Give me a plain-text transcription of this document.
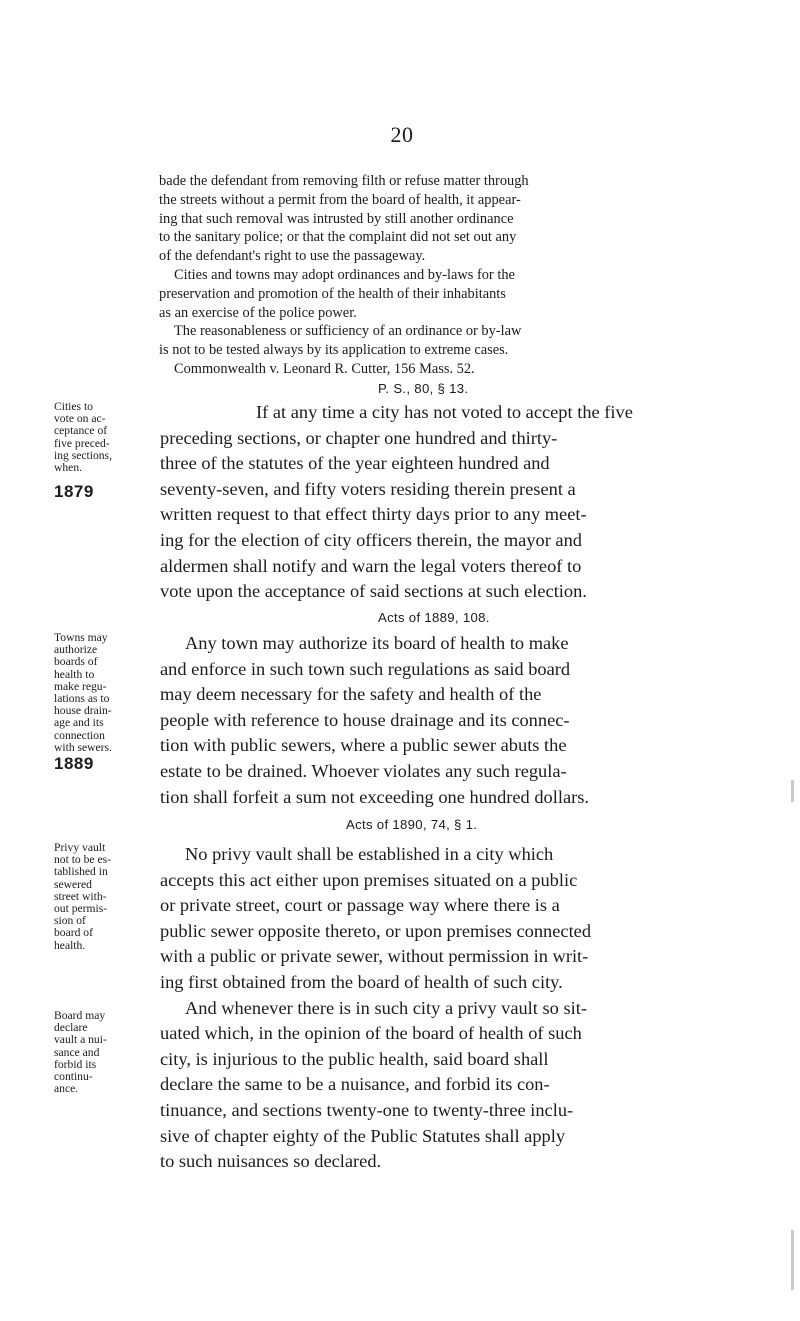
20

bade the defendant from removing filth or refuse matter through

the streets without a permit from the board of health, it appear-

ing that such removal was intrusted by still another ordinance

to the sanitary police; or that the complaint did not set out any

of the defendant's right to use the passageway.

Cities and towns may adopt ordinances and by-laws for the

preservation and promotion of the health of their inhabitants

as an exercise of the police power.

The reasonableness or sufficiency of an ordinance or by-law

is not to be tested always by its application to extreme cases.

Commonwealth v. Leonard R. Cutter, 156 Mass. 52.

P. S., 80, § 13.

Cities to

vote on ac-

ceptance of

five preced-

ing sections,

when.

1879

If at any time a city has not voted to accept the five

preceding sections, or chapter one hundred and thirty-

three of the statutes of the year eighteen hundred and

seventy-seven, and fifty voters residing therein present a

written request to that effect thirty days prior to any meet-

ing for the election of city officers therein, the mayor and

aldermen shall notify and warn the legal voters thereof to

vote upon the acceptance of said sections at such election.

Acts of 1889, 108.

Towns may

authorize

boards of

health to

make regu-

lations as to

house drain-

age and its

connection

with sewers.

1889

Any town may authorize its board of health to make

and enforce in such town such regulations as said board

may deem necessary for the safety and health of the

people with reference to house drainage and its connec-

tion with public sewers, where a public sewer abuts the

estate to be drained. Whoever violates any such regula-

tion shall forfeit a sum not exceeding one hundred dollars.

Acts of 1890, 74, § 1.

Privy vault

not to be es-

tablished in

sewered

street with-

out permis-

sion of

board of

health.

Board may

declare

vault a nui-

sance and

forbid its

continu-

ance.

No privy vault shall be established in a city which

accepts this act either upon premises situated on a public

or private street, court or passage way where there is a

public sewer opposite thereto, or upon premises connected

with a public or private sewer, without permission in writ-

ing first obtained from the board of health of such city.

And whenever there is in such city a privy vault so sit-

uated which, in the opinion of the board of health of such

city, is injurious to the public health, said board shall

declare the same to be a nuisance, and forbid its con-

tinuance, and sections twenty-one to twenty-three inclu-

sive of chapter eighty of the Public Statutes shall apply

to such nuisances so declared.
